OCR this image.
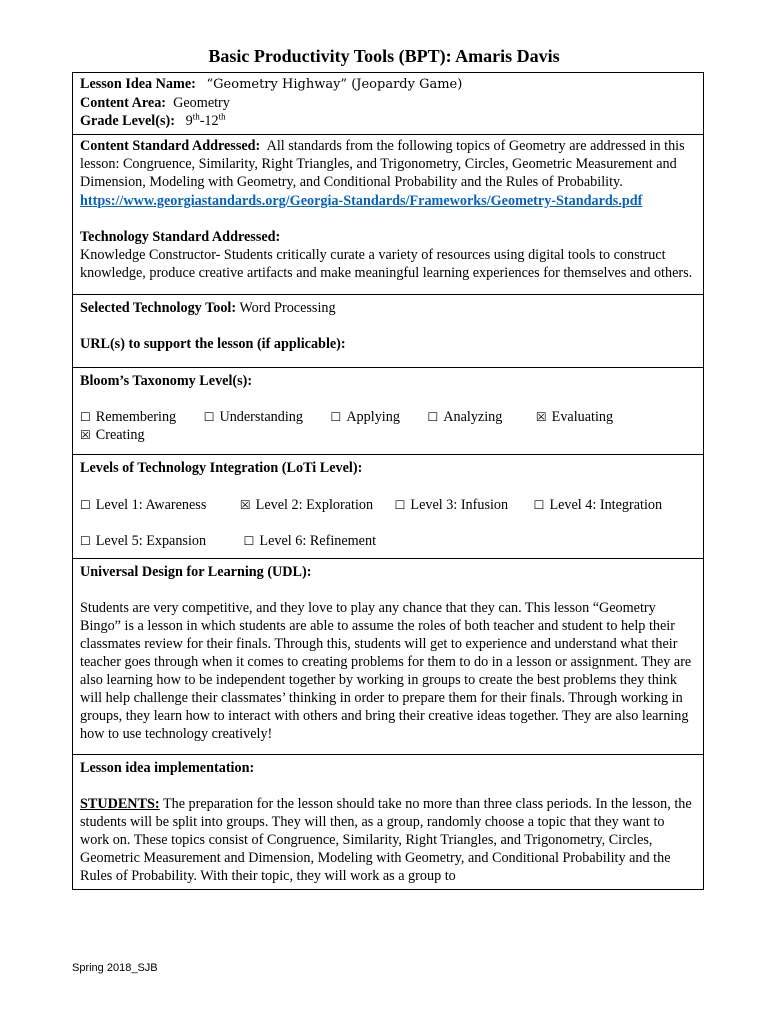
Basic Productivity Tools (BPT): Amaris Davis
Lesson Idea Name: “Geometry Highway” (Jeopardy Game)
Content Area: Geometry
Grade Level(s): 9th-12th
Content Standard Addressed: All standards from the following topics of Geometry are addressed in this lesson: Congruence, Similarity, Right Triangles, and Trigonometry, Circles, Geometric Measurement and Dimension, Modeling with Geometry, and Conditional Probability and the Rules of Probability.
https://www.georgiastandards.org/Georgia-Standards/Frameworks/Geometry-Standards.pdf
Technology Standard Addressed:
Knowledge Constructor- Students critically curate a variety of resources using digital tools to construct knowledge, produce creative artifacts and make meaningful learning experiences for themselves and others.
Selected Technology Tool: Word Processing
URL(s) to support the lesson (if applicable):
Bloom’s Taxonomy Level(s):
☐ Remembering ☐ Understanding ☐ Applying ☐ Analyzing	☒ Evaluating ☒ Creating
Levels of Technology Integration (LoTi Level):
☐ Level 1: Awareness	☒ Level 2: Exploration ☐ Level 3: Infusion ☐ Level 4: Integration
☐ Level 5: Expansion	☐ Level 6: Refinement
Universal Design for Learning (UDL):
Students are very competitive, and they love to play any chance that they can. This lesson “Geometry Bingo” is a lesson in which students are able to assume the roles of both teacher and student to help their classmates review for their finals. Through this, students will get to experience and understand what their teacher goes through when it comes to creating problems for them to do in a lesson or assignment. They are also learning how to be independent together by working in groups to create the best problems they think will help challenge their classmates’ thinking in order to prepare them for their finals. Through working in groups, they learn how to interact with others and bring their creative ideas together. They are also learning how to use technology creatively!
Lesson idea implementation:
STUDENTS: The preparation for the lesson should take no more than three class periods. In the lesson, the students will be split into groups. They will then, as a group, randomly choose a topic that they want to work on. These topics consist of Congruence, Similarity, Right Triangles, and Trigonometry, Circles, Geometric Measurement and Dimension, Modeling with Geometry, and Conditional Probability and the Rules of Probability. With their topic, they will work as a group to
Spring 2018_SJB
